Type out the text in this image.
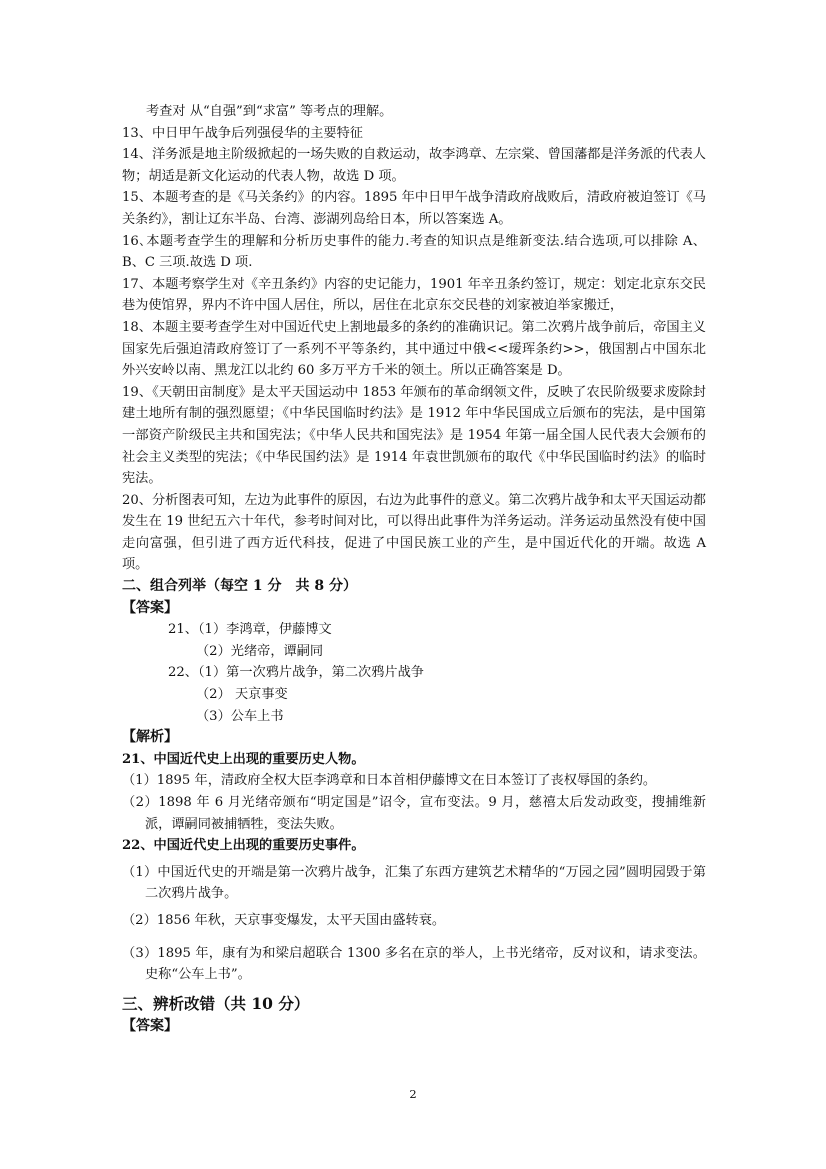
考查对 从“自强”到“求富” 等考点的理解。

13、中日甲午战争后列强侵华的主要特征

14、洋务派是地主阶级掀起的一场失败的自救运动，故李鸿章、左宗棠、曾国藩都是洋务派的代表人物；胡适是新文化运动的代表人物，故选 D 项。

15、本题考查的是《马关条约》的内容。1895 年中日甲午战争清政府战败后，清政府被迫签订《马关条约》，割让辽东半岛、台湾、澎湖列岛给日本，所以答案选 A。

16､本题考查学生的理解和分析历史事件的能力.考查的知识点是维新变法.结合选项,可以排除 A、B、C 三项.故选 D 项.

17、本题考察学生对《辛丑条约》内容的史记能力，1901 年辛丑条约签订，规定：划定北京东交民巷为使馆界，界内不许中国人居住，所以，居住在北京东交民巷的刘家被迫举家搬迁，

18、本题主要考查学生对中国近代史上割地最多的条约的准确识记。第二次鸦片战争前后，帝国主义国家先后强迫清政府签订了一系列不平等条约，其中通过中俄<<瑷珲条约>>，俄国割占中国东北外兴安岭以南、黑龙江以北约 60 多万平方千米的领土。所以正确答案是 D。

19、《天朝田亩制度》是太平天国运动中 1853 年颁布的革命纲领文件，反映了农民阶级要求废除封建土地所有制的强烈愿望；《中华民国临时约法》是 1912 年中华民国成立后颁布的宪法，是中国第一部资产阶级民主共和国宪法；《中华人民共和国宪法》是 1954 年第一届全国人民代表大会颁布的社会主义类型的宪法；《中华民国约法》是 1914 年袁世凯颁布的取代《中华民国临时约法》的临时宪法。

20、分析图表可知，左边为此事件的原因，右边为此事件的意义。第二次鸦片战争和太平天国运动都发生在 19 世纪五六十年代，参考时间对比，可以得出此事件为洋务运动。洋务运动虽然没有使中国走向富强，但引进了西方近代科技，促进了中国民族工业的产生，是中国近代化的开端。故选 A 项。

二、组合列举（每空 1 分　共 8 分）

【答案】

21、（1）李鸿章，伊藤博文

（2）光绪帝，谭嗣同

22、（1）第一次鸦片战争，第二次鸦片战争

（2） 天京事变

（3）公车上书

【解析】

21、中国近代史上出现的重要历史人物。

（1）1895 年，清政府全权大臣李鸿章和日本首相伊藤博文在日本签订了丧权辱国的条约。

（2）1898 年 6 月光绪帝颁布“明定国是”诏令，宣布变法。9 月，慈禧太后发动政变，搜捕维新派，谭嗣同被捕牺牲，变法失败。

22、中国近代史上出现的重要历史事件。

（1）中国近代史的开端是第一次鸦片战争，汇集了东西方建筑艺术精华的“万园之园”圆明园毁于第二次鸦片战争。

（2）1856 年秋，天京事变爆发，太平天国由盛转衰。

（3）1895 年，康有为和梁启超联合 1300 多名在京的举人，上书光绪帝，反对议和，请求变法。史称“公车上书”。

三、辨析改错（共 10 分）

【答案】

2
